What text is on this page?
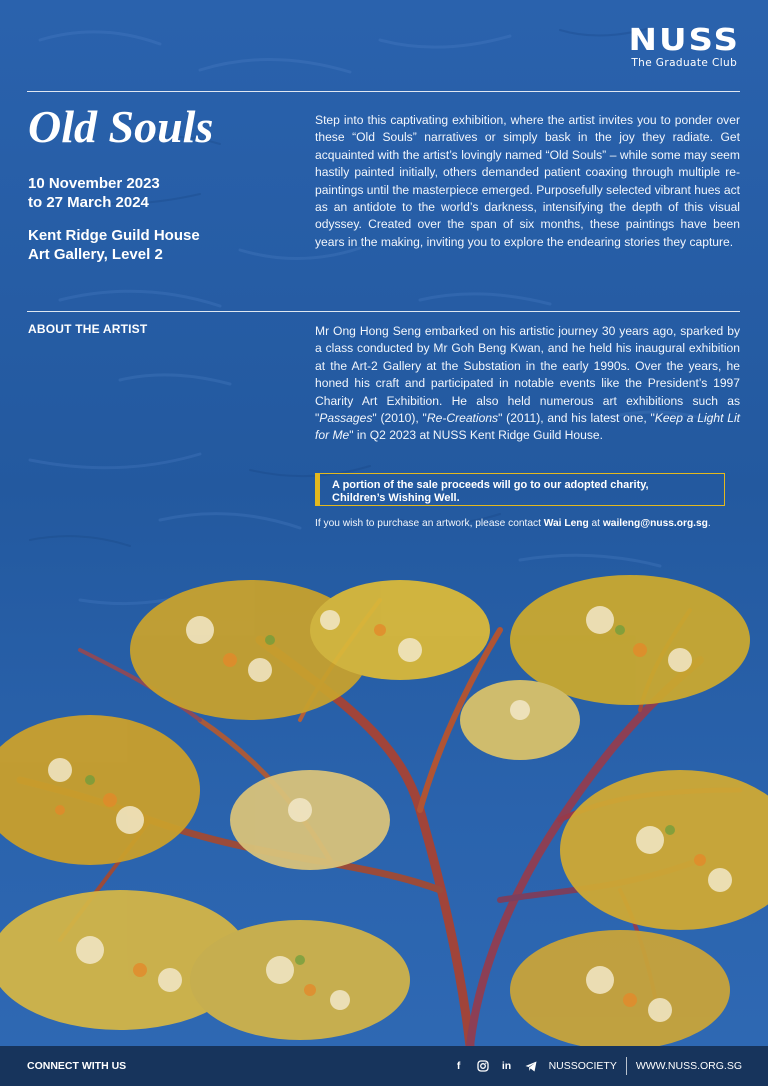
NUSS
The Graduate Club
Old Souls
10 November 2023
to 27 March 2024
Kent Ridge Guild House
Art Gallery, Level 2

Step into this captivating exhibition, where the artist invites you to ponder over these “Old Souls” narratives or simply bask in the joy they radiate. Get acquainted with the artist’s lovingly named “Old Souls” – while some may seem hastily painted initially, others demanded patient coaxing through multiple re-paintings until the masterpiece emerged. Purposefully selected vibrant hues act as an antidote to the world’s darkness, intensifying the depth of this visual odyssey. Created over the span of six months, these paintings have been years in the making, inviting you to explore the endearing stories they capture.

ABOUT THE ARTIST	Mr Ong Hong Seng embarked on his artistic journey 30 years ago, sparked by a class conducted by Mr Goh Beng Kwan, and he held his inaugural exhibition at the Art-2 Gallery at the Substation in the early 1990s. Over the years, he honed his craft and participated in notable events like the President’s 1997 Charity Art Exhibition. He also held numerous art exhibitions such as "Passages" (2010), "Re-Creations" (2011), and his latest one, "Keep a Light Lit for Me" in Q2 2023 at NUSS Kent Ridge Guild House.

A portion of the sale proceeds will go to our adopted charity,
Children’s Wishing Well.
If you wish to purchase an artwork, please contact Wai Leng at waileng@nuss.org.sg.
CONNECT WITH US	f	in	NUSSOCIETY WWW.NUSS.ORG.SG
